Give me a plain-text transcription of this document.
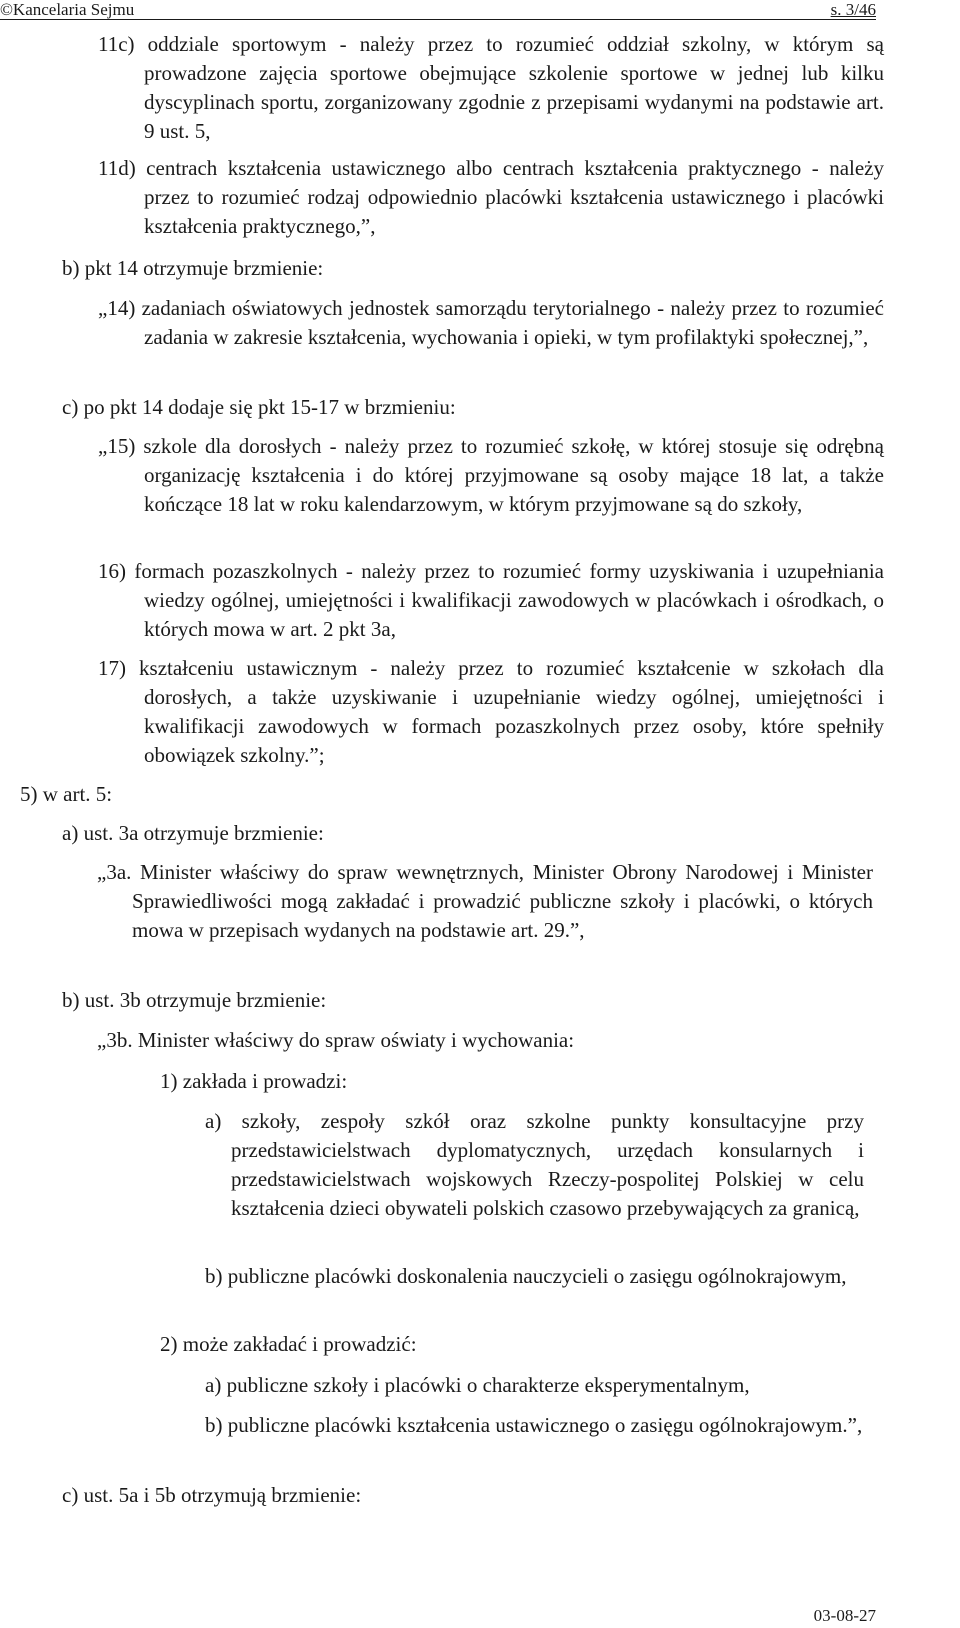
©Kancelaria Sejmu	s. 3/46
11c) oddziale sportowym - należy przez to rozumieć oddział szkolny, w którym są prowadzone zajęcia sportowe obejmujące szkolenie sportowe w jednej lub kilku dyscyplinach sportu, zorganizowany zgodnie z przepisami wydanymi na podstawie art. 9 ust. 5,
11d) centrach kształcenia ustawicznego albo centrach kształcenia praktycznego - należy przez to rozumieć rodzaj odpowiednio placówki kształcenia ustawicznego i placówki kształcenia praktycznego,”,
b) pkt 14 otrzymuje brzmienie:
„14) zadaniach oświatowych jednostek samorządu terytorialnego - należy przez to rozumieć zadania w zakresie kształcenia, wychowania i opieki, w tym profilaktyki społecznej,”,
c) po pkt 14 dodaje się pkt 15-17 w brzmieniu:
„15) szkole dla dorosłych - należy przez to rozumieć szkołę, w której stosuje się odrębną organizację kształcenia i do której przyjmowane są osoby mające 18 lat, a także kończące 18 lat w roku kalendarzowym, w którym przyjmowane są do szkoły,
16) formach pozaszkolnych - należy przez to rozumieć formy uzyskiwania i uzupełniania wiedzy ogólnej, umiejętności i kwalifikacji zawodowych w placówkach i ośrodkach, o których mowa w art. 2 pkt 3a,
17) kształceniu ustawicznym - należy przez to rozumieć kształcenie w szkołach dla dorosłych, a także uzyskiwanie i uzupełnianie wiedzy ogólnej, umiejętności i kwalifikacji zawodowych w formach pozaszkolnych przez osoby, które spełniły obowiązek szkolny.”;
5) w art. 5:
a) ust. 3a otrzymuje brzmienie:
„3a. Minister właściwy do spraw wewnętrznych, Minister Obrony Narodowej i Minister Sprawiedliwości mogą zakładać i prowadzić publiczne szkoły i placówki, o których mowa w przepisach wydanych na podstawie art. 29.”,
b) ust. 3b otrzymuje brzmienie:
„3b. Minister właściwy do spraw oświaty i wychowania:
1) zakłada i prowadzi:
a) szkoły, zespoły szkół oraz szkolne punkty konsultacyjne przy przedstawicielstwach dyplomatycznych, urzędach konsularnych i przedstawicielstwach wojskowych Rzeczy-pospolitej Polskiej w celu kształcenia dzieci obywateli polskich czasowo przebywających za granicą,
b) publiczne placówki doskonalenia nauczycieli o zasięgu ogólnokrajowym,
2) może zakładać i prowadzić:
a) publiczne szkoły i placówki o charakterze eksperymentalnym,
b) publiczne placówki kształcenia ustawicznego o zasięgu ogólnokrajowym.”,
c) ust. 5a i 5b otrzymują brzmienie:
03-08-27
